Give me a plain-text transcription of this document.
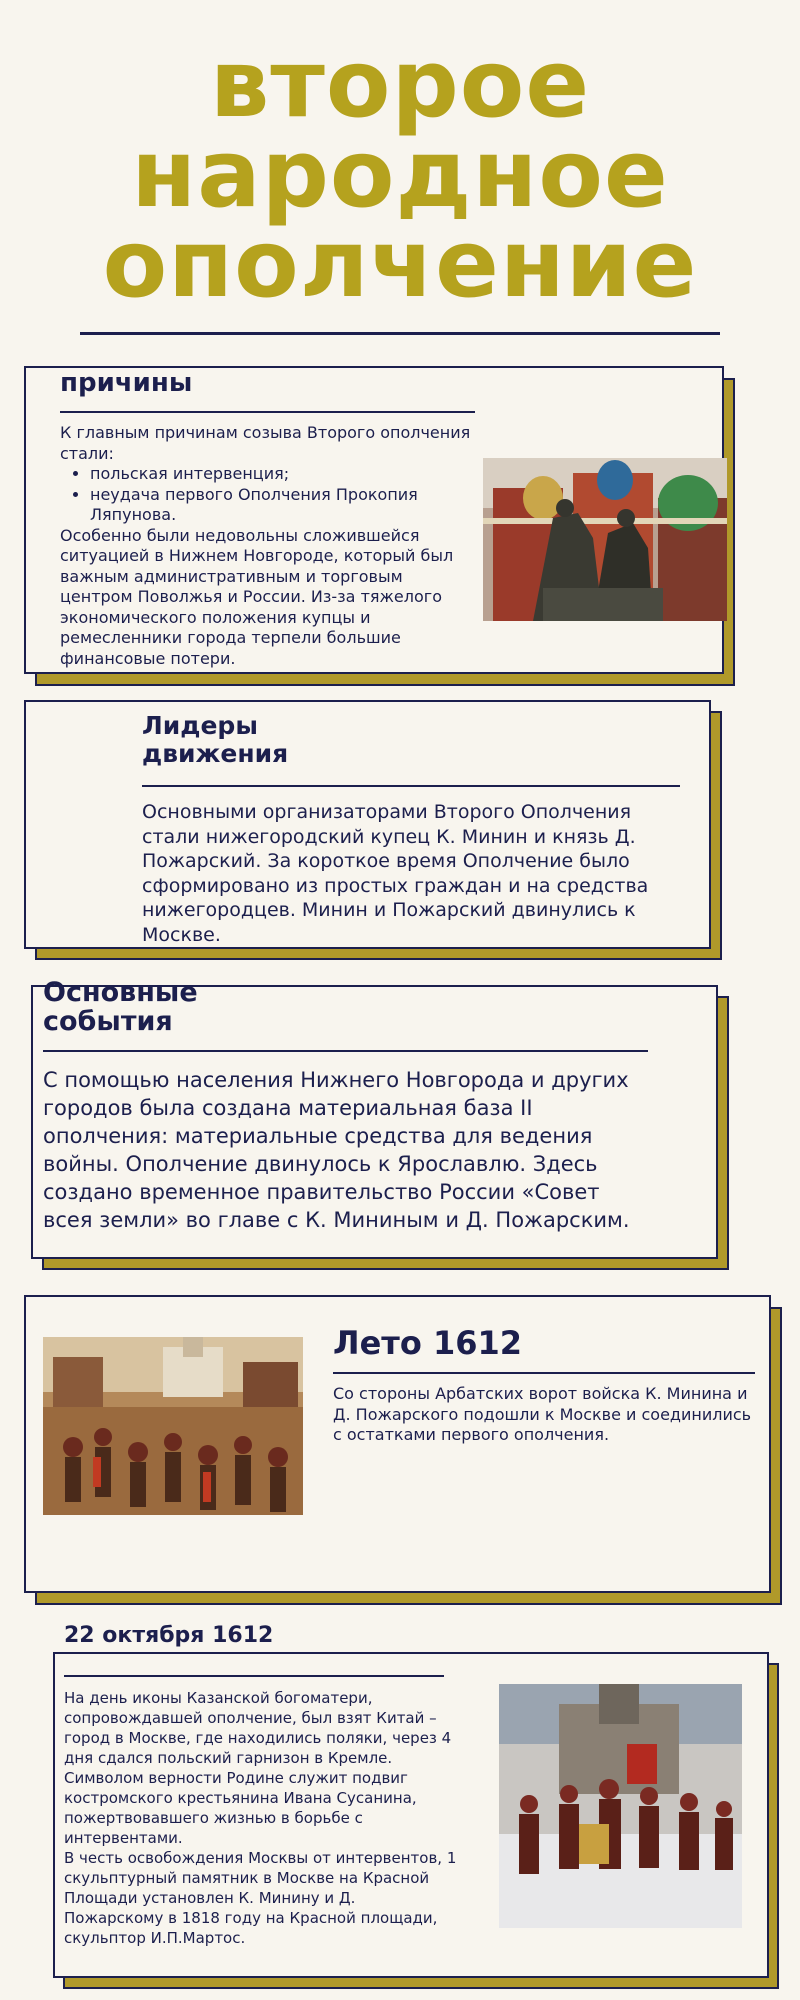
второе
народное
ополчение
причины

К главным причинам созыва Второго ополчения стали:

• польская интервенция;
• неудача первого Ополчения Прокопия Ляпунова.

Особенно были недовольны сложившейся ситуацией в Нижнем Новгороде, который был важным административным и торговым центром Поволжья и России. Из-за тяжелого экономического положения купцы и ремесленники города терпели большие финансовые потери.

Лидеры
движения
Основными организаторами Второго Ополчения стали нижегородский купец К. Минин и князь Д. Пожарский. За короткое время Ополчение было сформировано из простых граждан и на средства нижегородцев. Минин и Пожарский двинулись к Москве.
Основные
события
С помощью населения Нижнего Новгорода и других городов была создана материальная база II ополчения: материальные средства для ведения войны. Ополчение двинулось к Ярославлю. Здесь создано временное правительство России «Совет всея земли» во главе с К. Мининым и Д. Пожарским.
Лето 1612
Со стороны Арбатских ворот войска К. Минина и Д. Пожарского подошли к Москве и соединились с остатками первого ополчения.
22 октября 1612

На день иконы Казанской богоматери, сопровождавшей ополчение, был взят Китай – город в Москве, где находились поляки, через 4 дня сдался польский гарнизон в Кремле.

Символом верности Родине служит подвиг костромского крестьянина Ивана Сусанина, пожертвовавшего жизнью в борьбе с интервентами.

В честь освобождения Москвы от интервентов, 1 скульптурный памятник в Москве на Красной Площади установлен К. Минину и Д. Пожарскому в 1818 году на Красной площади, скульптор И.П.Мартос.
